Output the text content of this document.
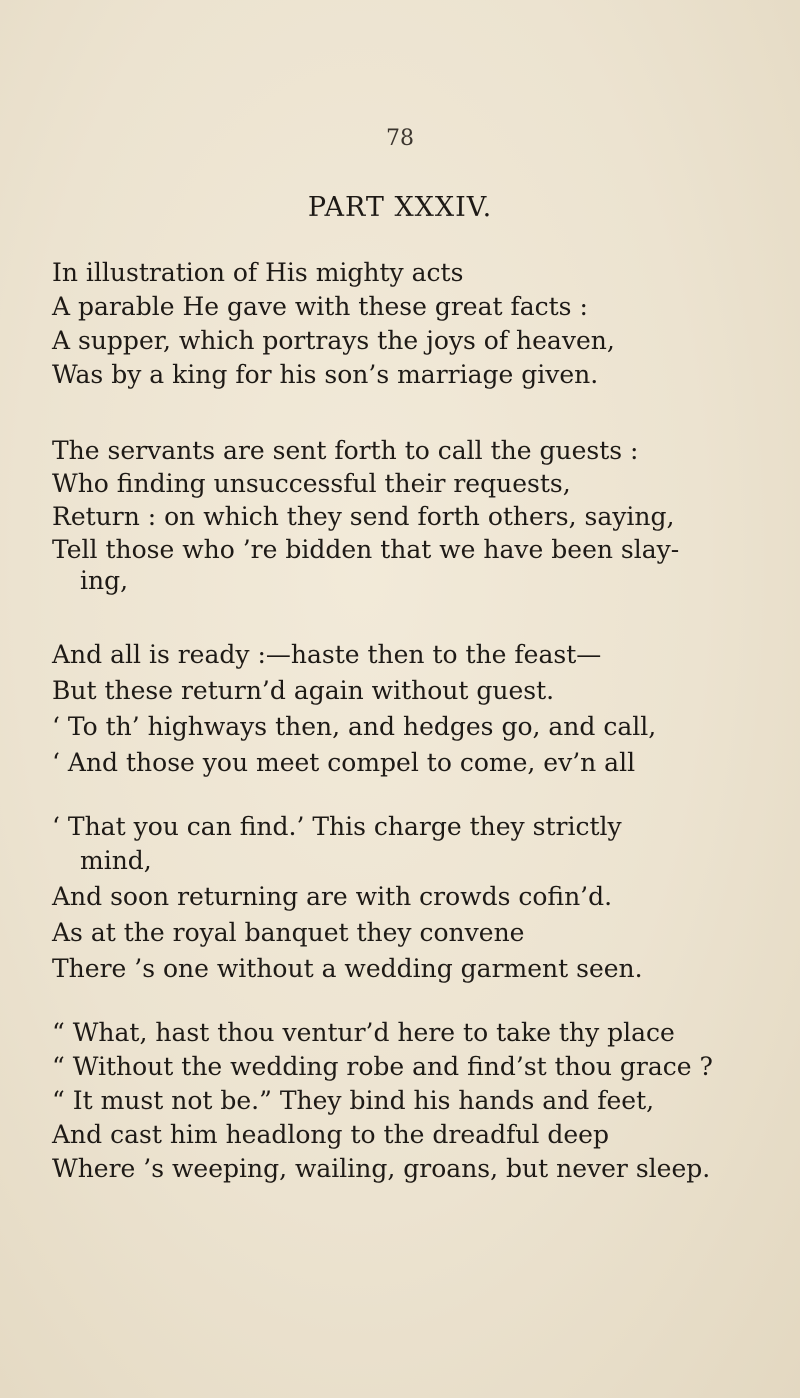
78
PART XXXIV.
In illustration of His mighty acts
A parable He gave with these great facts :
A supper, which portrays the joys of heaven,
Was by a king for his son’s marriage given.
The servants are sent forth to call the guests :
Who finding unsuccessful their requests,
Return : on which they send forth others, saying,
Tell those who ’re bidden that we have been slay-
ing,
And all is ready :—haste then to the feast—
But these return’d again without guest.
‘ To th’ highways then, and hedges go, and call,
‘ And those you meet compel to come, ev’n all
‘ That you can find.’ This charge they strictly
mind,
And soon returning are with crowds cofin’d.
As at the royal banquet they convene
There ’s one without a wedding garment seen.
“ What, hast thou ventur’d here to take thy place
“ Without the wedding robe and find’st thou grace ?
“ It must not be.” They bind his hands and feet,
And cast him headlong to the dreadful deep
Where ’s weeping, wailing, groans, but never sleep.
